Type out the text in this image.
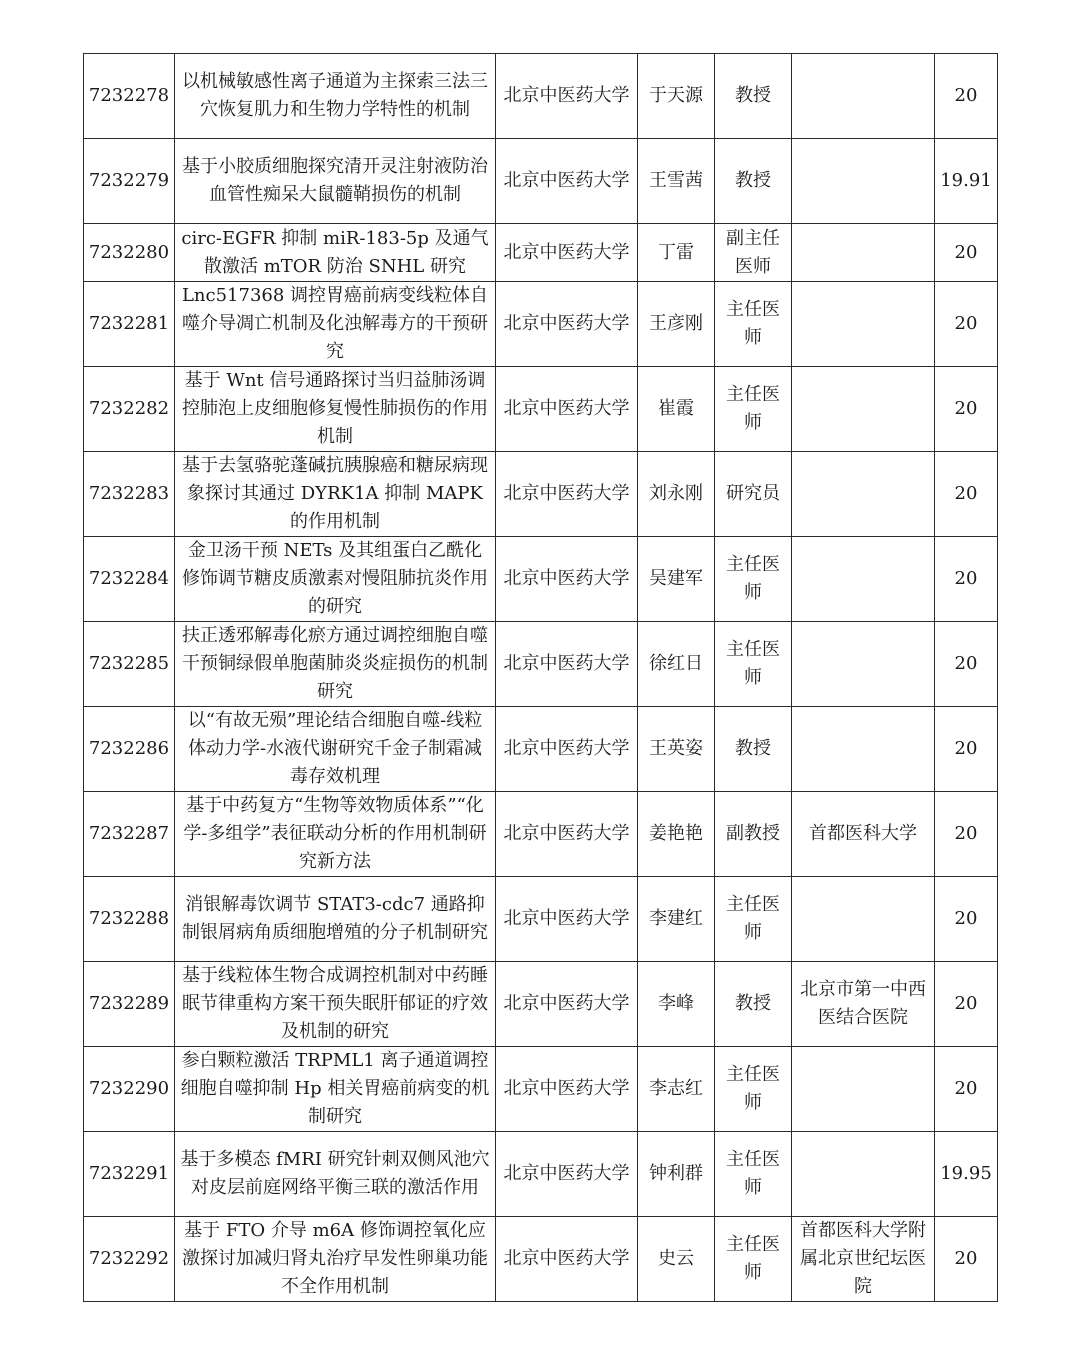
7232278	以机械敏感性离子通道为主探索三法三穴恢复肌力和生物力学特性的机制	北京中医药大学	于天源	教授		20
7232279	基于小胶质细胞探究清开灵注射液防治血管性痴呆大鼠髓鞘损伤的机制	北京中医药大学	王雪茜	教授		19.91
7232280	circ-EGFR 抑制 miR-183-5p 及通气散激活 mTOR 防治 SNHL 研究	北京中医药大学	丁雷	副主任医师		20
7232281	Lnc517368 调控胃癌前病变线粒体自噬介导凋亡机制及化浊解毒方的干预研究	北京中医药大学	王彦刚	主任医师		20
7232282	基于 Wnt 信号通路探讨当归益肺汤调控肺泡上皮细胞修复慢性肺损伤的作用机制	北京中医药大学	崔霞	主任医师		20
7232283	基于去氢骆驼蓬碱抗胰腺癌和糖尿病现象探讨其通过 DYRK1A 抑制 MAPK 的作用机制	北京中医药大学	刘永刚	研究员		20
7232284	金卫汤干预 NETs 及其组蛋白乙酰化修饰调节糖皮质激素对慢阻肺抗炎作用的研究	北京中医药大学	吴建军	主任医师		20
7232285	扶正透邪解毒化瘀方通过调控细胞自噬干预铜绿假单胞菌肺炎炎症损伤的机制研究	北京中医药大学	徐红日	主任医师		20
7232286	以“有故无殒”理论结合细胞自噬-线粒体动力学-水液代谢研究千金子制霜减毒存效机理	北京中医药大学	王英姿	教授		20
7232287	基于中药复方“生物等效物质体系”“化学-多组学”表征联动分析的作用机制研究新方法	北京中医药大学	姜艳艳	副教授	首都医科大学	20
7232288	消银解毒饮调节 STAT3-cdc7 通路抑制银屑病角质细胞增殖的分子机制研究	北京中医药大学	李建红	主任医师		20
7232289	基于线粒体生物合成调控机制对中药睡眠节律重构方案干预失眠肝郁证的疗效及机制的研究	北京中医药大学	李峰	教授	北京市第一中西医结合医院	20
7232290	参白颗粒激活 TRPML1 离子通道调控细胞自噬抑制 Hp 相关胃癌前病变的机制研究	北京中医药大学	李志红	主任医师		20
7232291	基于多模态 fMRI 研究针刺双侧风池穴对皮层前庭网络平衡三联的激活作用	北京中医药大学	钟利群	主任医师		19.95
7232292	基于 FTO 介导 m6A 修饰调控氧化应激探讨加减归肾丸治疗早发性卵巢功能不全作用机制	北京中医药大学	史云	主任医师	首都医科大学附属北京世纪坛医院	20
